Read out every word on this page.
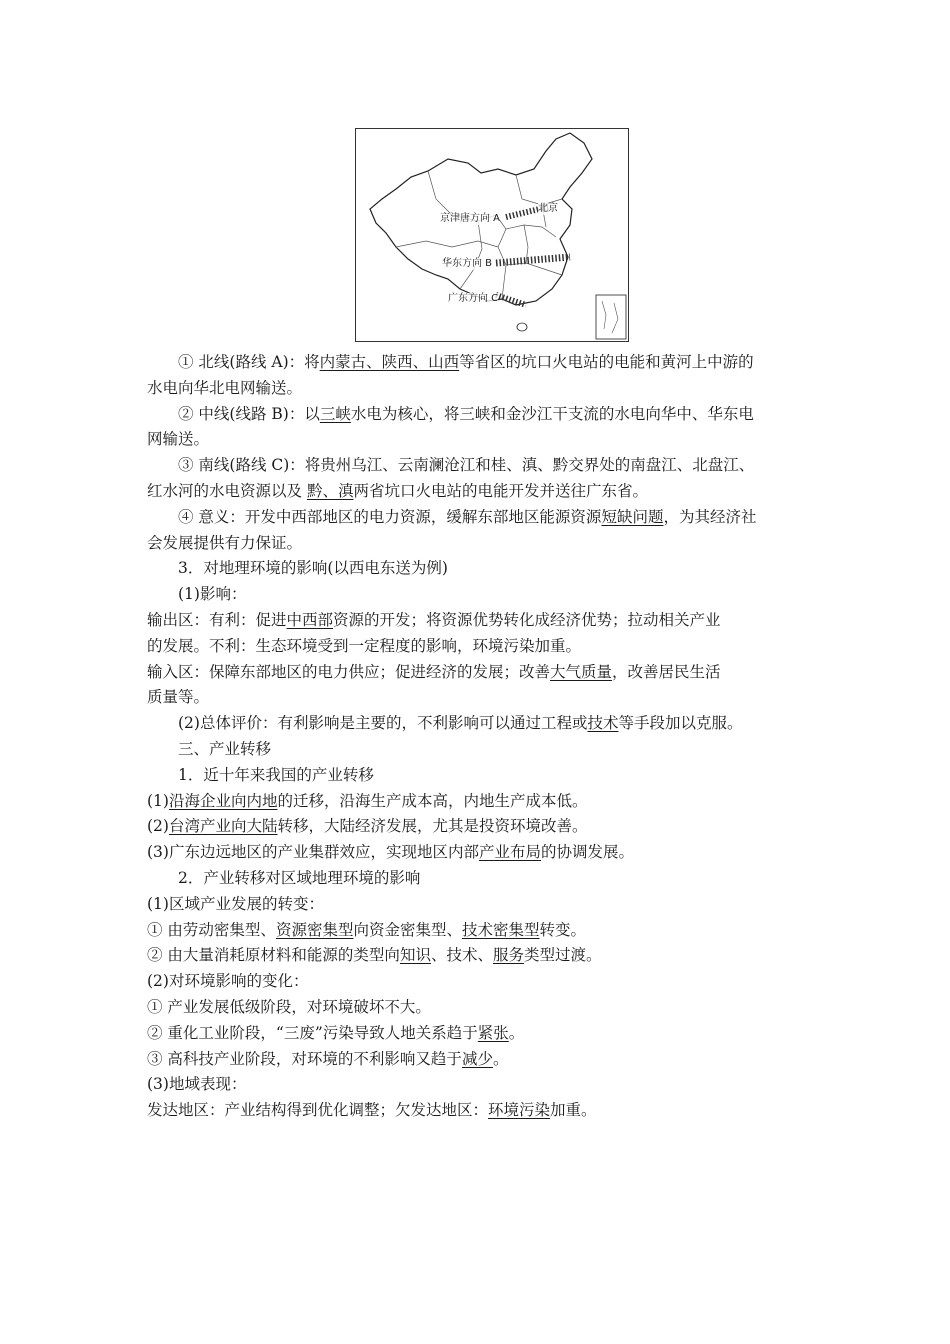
北京
京津唐方向 A
华东方向 B
广东方向 C
① 北线(路线 A)：将内蒙古、陕西、山西等省区的坑口火电站的电能和黄河上中游的
水电向华北电网输送。
② 中线(线路 B)：以三峡水电为核心，将三峡和金沙江干支流的水电向华中、华东电
网输送。
③ 南线(路线 C)：将贵州乌江、云南澜沧江和桂、滇、黔交界处的南盘江、北盘江、
红水河的水电资源以及 黔、滇两省坑口火电站的电能开发并送往广东省。
④ 意义：开发中西部地区的电力资源，缓解东部地区能源资源短缺问题，为其经济社
会发展提供有力保证。
3．对地理环境的影响(以西电东送为例)
(1)影响：
输出区：有利：促进中西部资源的开发；将资源优势转化成经济优势；拉动相关产业
的发展。不利：生态环境受到一定程度的影响，环境污染加重。
输入区：保障东部地区的电力供应；促进经济的发展；改善大气质量，改善居民生活
质量等。
(2)总体评价：有利影响是主要的，不利影响可以通过工程或技术等手段加以克服。
三、产业转移
1．近十年来我国的产业转移
(1)沿海企业向内地的迁移，沿海生产成本高，内地生产成本低。
(2)台湾产业向大陆转移，大陆经济发展，尤其是投资环境改善。
(3)广东边远地区的产业集群效应，实现地区内部产业布局的协调发展。
2．产业转移对区域地理环境的影响
(1)区域产业发展的转变：
① 由劳动密集型、资源密集型向资金密集型、技术密集型转变。
② 由大量消耗原材料和能源的类型向知识、技术、服务类型过渡。
(2)对环境影响的变化：
① 产业发展低级阶段，对环境破坏不大。
② 重化工业阶段，“三废”污染导致人地关系趋于紧张。
③ 高科技产业阶段，对环境的不利影响又趋于减少。
(3)地域表现：
发达地区：产业结构得到优化调整；欠发达地区：环境污染加重。
